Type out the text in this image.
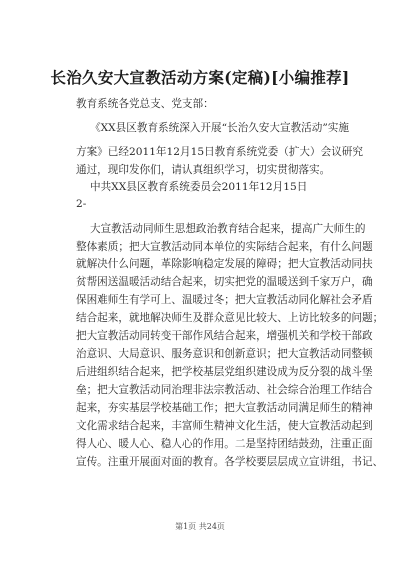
长治久安大宣教活动方案(定稿)[小编推荐]
教育系统各党总支、党支部：
《XX县区教育系统深入开展“长治久安大宣教活动”实施
方案》已经2011年12月15日教育系统党委（扩大）会议研究
通过，现印发你们，请认真组织学习，切实贯彻落实。
中共XX县区教育系统委员会2011年12月15日
2-
大宣教活动同师生思想政治教育结合起来，提高广大师生的
整体素质；把大宣教活动同本单位的实际结合起来，有什么问题
就解决什么问题，革除影响稳定发展的障碍；把大宣教活动同扶
贫帮困送温暖活动结合起来，切实把党的温暖送到千家万户，确
保困难师生有学可上、温暖过冬；把大宣教活动同化解社会矛盾
结合起来，就地解决师生及群众意见比较大、上访比较多的问题；
把大宣教活动同转变干部作风结合起来，增强机关和学校干部政
治意识、大局意识、服务意识和创新意识；把大宣教活动同整顿
后进组织结合起来，把学校基层党组织建设成为反分裂的战斗堡
垒；把大宣教活动同治理非法宗教活动、社会综合治理工作结合
起来，夯实基层学校基础工作；把大宣教活动同满足师生的精神
文化需求结合起来，丰富师生精神文化生活，使大宣教活动起到
得人心、暖人心、稳人心的作用。二是坚持团结鼓劲，注重正面
宣传。注重开展面对面的教育。各学校要层层成立宣讲组，书记、
第1页 共24页
